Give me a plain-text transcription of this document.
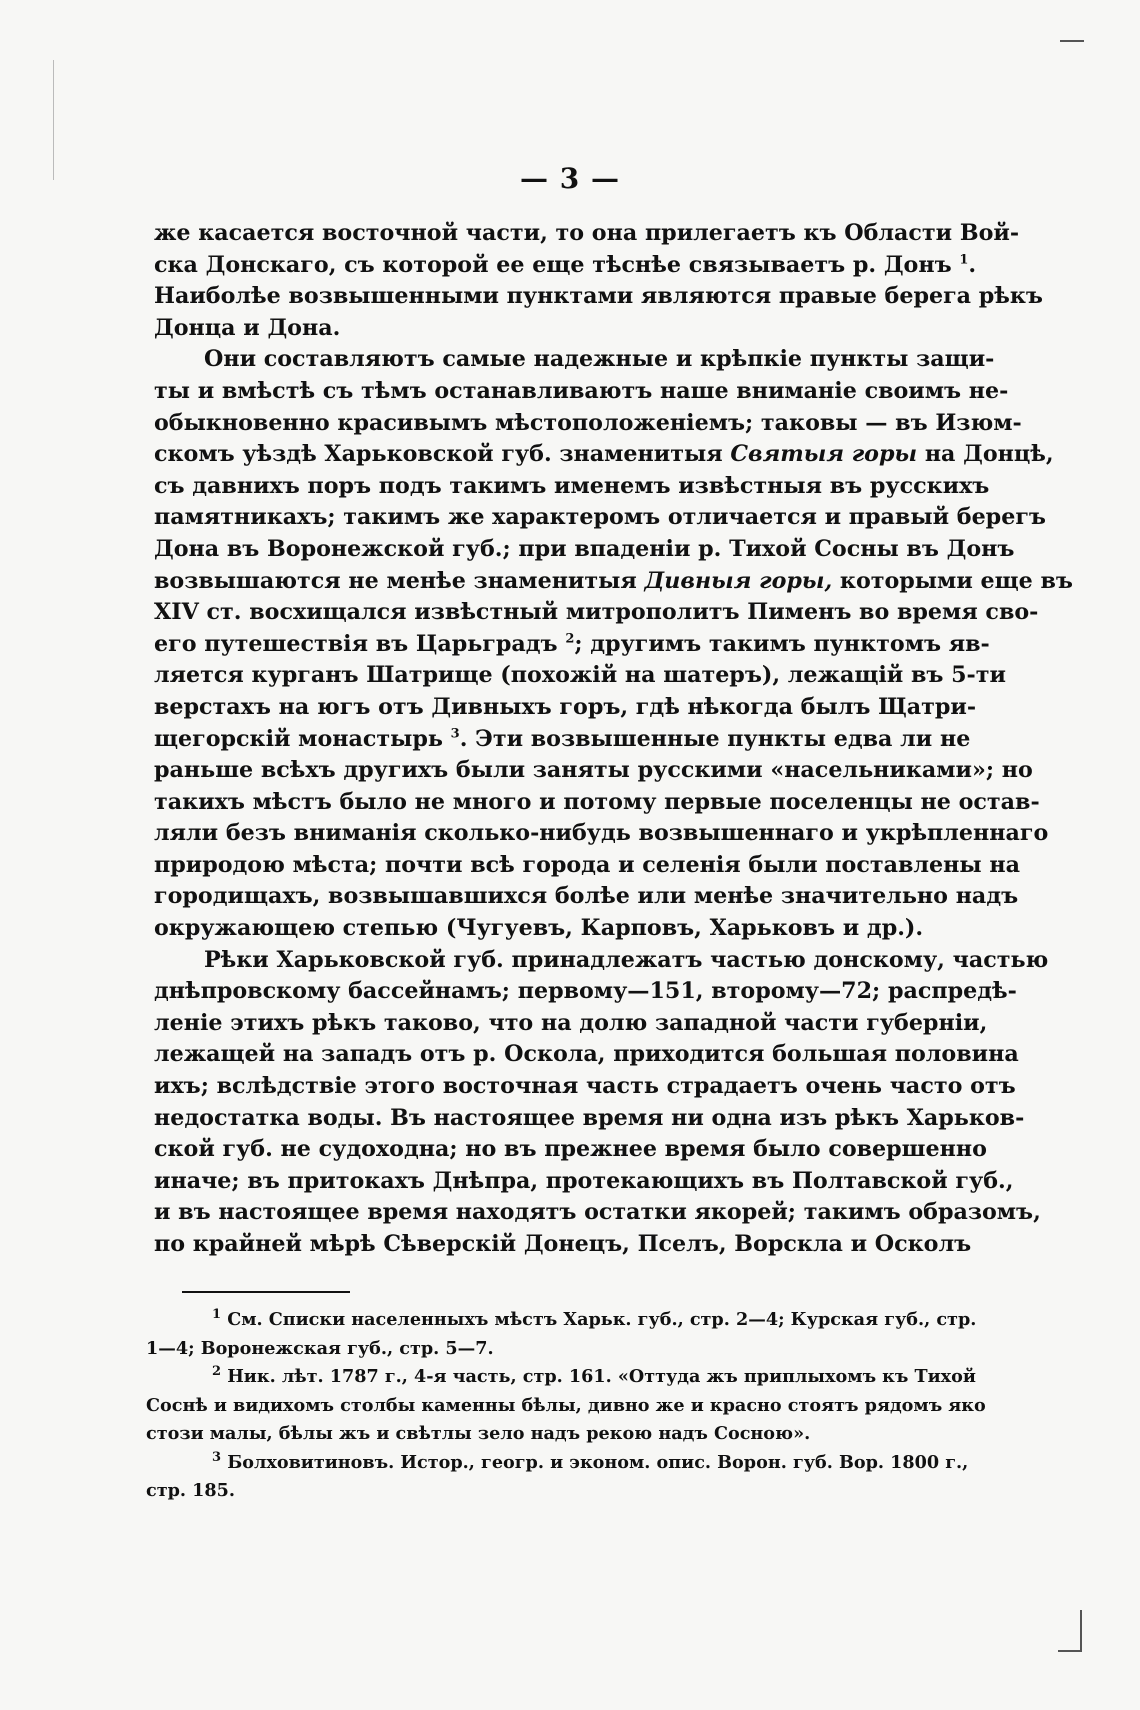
— 3 —
же касается восточной части, то она прилегаетъ къ Области Вой-
ска Донскаго, съ которой ее еще тѣснѣе связываетъ р. Донъ $^1$.
Наиболѣе возвышенными пунктами являются правые берега рѣкъ
Донца и Дона.
Они составляютъ самые надежные и крѣпкіе пункты защи-
ты и вмѣстѣ съ тѣмъ останавливаютъ наше вниманіе своимъ не-
обыкновенно красивымъ мѣстоположеніемъ; таковы — въ Изюм-
скомъ уѣздѣ Харьковской губ. знаменитыя Святыя горы на Донцѣ,
съ давнихъ поръ подъ такимъ именемъ извѣстныя въ русскихъ
памятникахъ; такимъ же характеромъ отличается и правый берегъ
Дона въ Воронежской губ.; при впаденіи р. Тихой Сосны въ Донъ
возвышаются не менѣе знаменитыя Дивныя горы, которыми еще въ
XIV ст. восхищался извѣстный митрополитъ Пименъ во время сво-
его путешествія въ Царьградъ $^2$; другимъ такимъ пунктомъ яв-
ляется курганъ Шатрище (похожій на шатеръ), лежащій въ 5-ти
верстахъ на югъ отъ Дивныхъ горъ, гдѣ нѣкогда былъ Щатри-
щегорскій монастырь $^3$. Эти возвышенные пункты едва ли не
раньше всѣхъ другихъ были заняты русскими «насельниками»; но
такихъ мѣстъ было не много и потому первые поселенцы не остав-
ляли безъ вниманія сколько-нибудь возвышеннаго и укрѣпленнаго
природою мѣста; почти всѣ города и селенія были поставлены на
городищахъ, возвышавшихся болѣе или менѣе значительно надъ
окружающею степью (Чугуевъ, Карповъ, Харьковъ и др.).
Рѣки Харьковской губ. принадлежатъ частью донскому, частью
днѣпровскому бассейнамъ; первому—151, второму—72; распредѣ-
леніе этихъ рѣкъ таково, что на долю западной части губерніи,
лежащей на западъ отъ р. Оскола, приходится большая половина
ихъ; вслѣдствіе этого восточная часть страдаетъ очень часто отъ
недостатка воды. Въ настоящее время ни одна изъ рѣкъ Харьков-
ской губ. не судоходна; но въ прежнее время было совершенно
иначе; въ притокахъ Днѣпра, протекающихъ въ Полтавской губ.,
и въ настоящее время находятъ остатки якорей; такимъ образомъ,
по крайней мѣрѣ Сѣверскій Донецъ, Пселъ, Ворскла и Осколъ
$^1$ См. Списки населенныхъ мѣстъ Харьк. губ., стр. 2—4; Курская губ., стр.
1—4; Воронежская губ., стр. 5—7.
$^2$ Ник. лѣт. 1787 г., 4-я часть, стр. 161. «Оттуда жъ приплыхомъ къ Тихой
Соснѣ и видихомъ столбы каменны бѣлы, дивно же и красно стоятъ рядомъ яко
стози малы, бѣлы жъ и свѣтлы зело надъ рекою надъ Сосною».
$^3$ Болховитиновъ. Истор., геогр. и эконом. опис. Ворон. губ. Вор. 1800 г.,
стр. 185.
